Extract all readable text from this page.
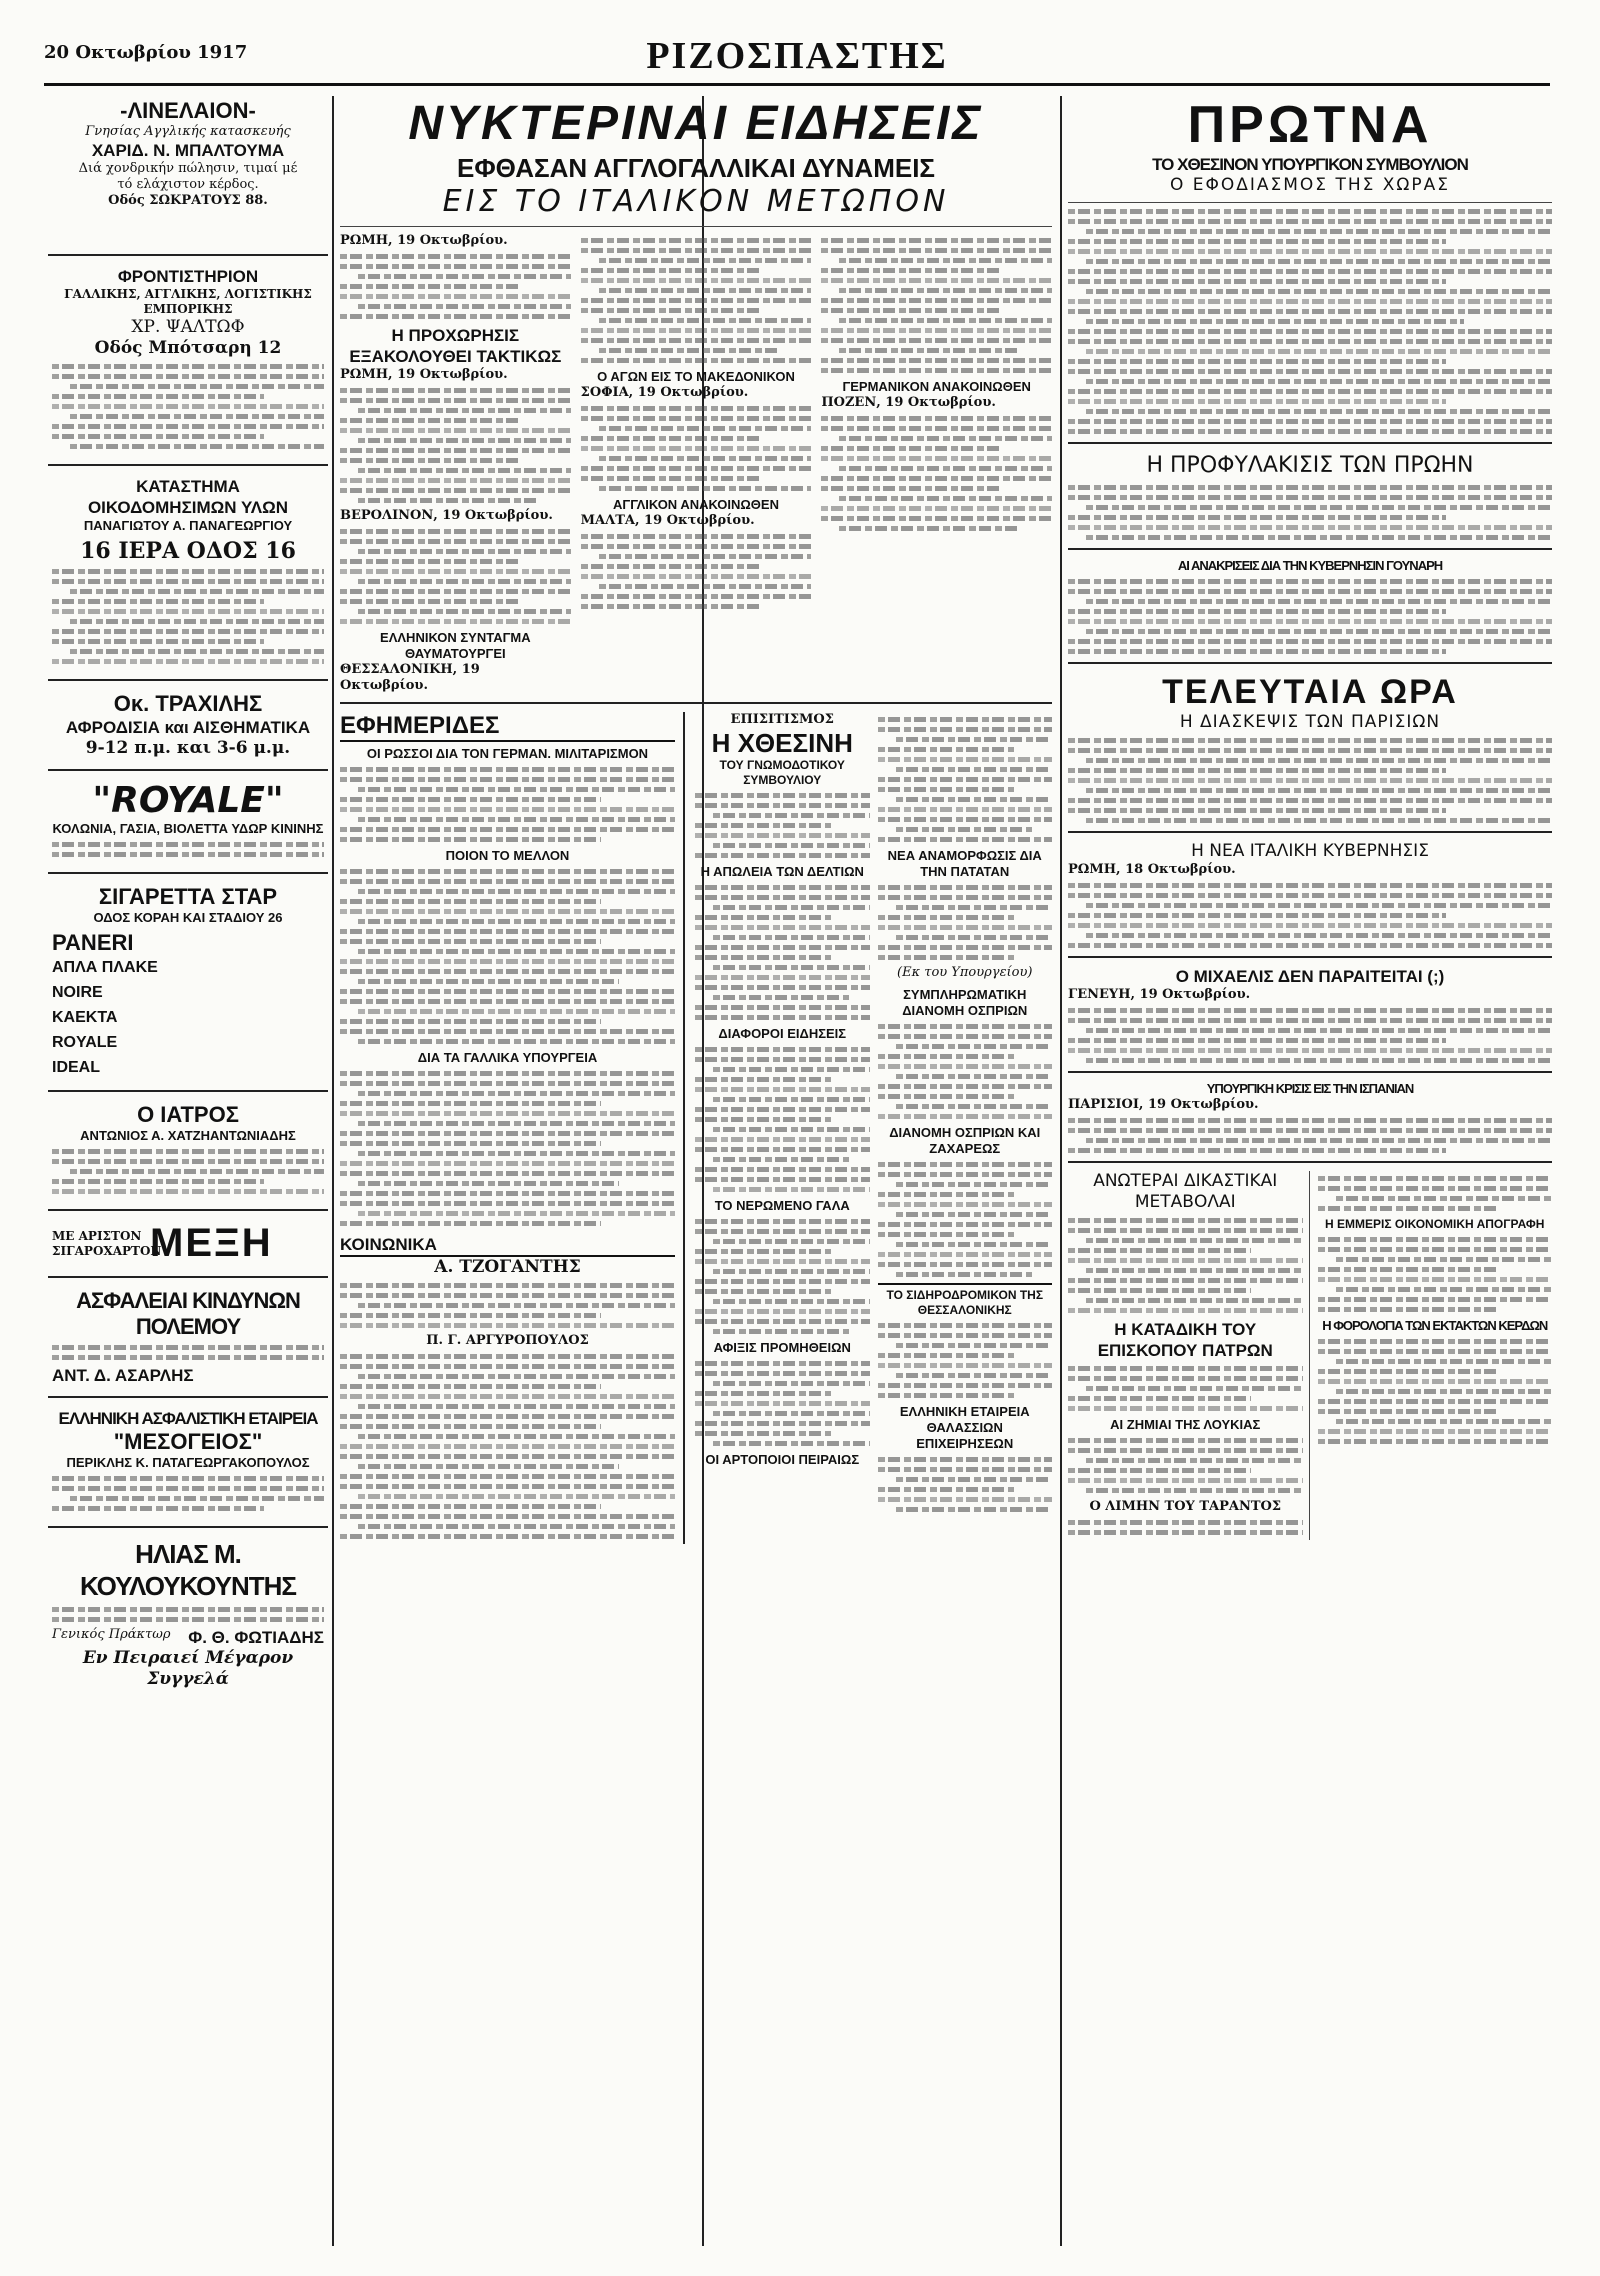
20 Οκτωβρίου 1917	ΡΙΖΟΣΠΑΣΤΗΣ
-ΛΙΝΕΛΑΙΟΝ-
Γνησίας Αγγλικής κατασκευής
ΧΑΡΙΔ. Ν. ΜΠΑΛΤΟΥΜΑ
Διά χονδρικήν πώλησιν, τιμαί μέ τό ελάχιστον κέρδος.
Οδός ΣΩΚΡΑΤΟΥΣ 88.
ΦΡΟΝΤΙΣΤΗΡΙΟΝ
ΓΑΛΛΙΚΗΣ, ΑΓΓΛΙΚΗΣ, ΛΟΓΙΣΤΙΚΗΣ ΕΜΠΟΡΙΚΗΣ
ΧΡ. ΨΑΛΤΩΦ
Οδός Μπότσαρη 12
ΚΑΤΑΣΤΗΜΑ
ΟΙΚΟΔΟΜΗΣΙΜΩΝ ΥΛΩΝ
ΠΑΝΑΓΙΩΤΟΥ Α. ΠΑΝΑΓΕΩΡΓΙΟΥ
16 ΙΕΡΑ ΟΔΟΣ 16
Οκ. ΤΡΑΧΙΛΗΣ
ΑΦΡΟΔΙΣΙΑ και ΑΙΣΘΗΜΑΤΙΚΑ
9-12 π.μ. και 3-6 μ.μ.
"ROYALE"
ΚΟΛΩΝΙΑ, ΓΑΣΙΑ, ΒΙΟΛΕΤΤΑ ΥΔΩΡ ΚΙΝΙΝΗΣ
ΣΙΓΑΡΕΤΤΑ ΣΤΑΡ
ΟΔΟΣ ΚΟΡΑΗ ΚΑΙ ΣΤΑΔΙΟΥ 26
PANERI
ΑΠΛΑ ΠΛΑΚΕ
NOIRE
ΚΑΕΚΤΑ
ROYALE
IDEAL
Ο ΙΑΤΡΟΣ
ΑΝΤΩΝΙΟΣ Α. ΧΑΤΖΗΑΝΤΩΝΙΑΔΗΣ
ΜΕ ΑΡΙΣΤΟΝ ΣΙΓΑΡΟΧΑΡΤΟΝ
ΜΕΞΗ
ΑΣΦΑΛΕΙΑΙ ΚΙΝΔΥΝΩΝ ΠΟΛΕΜΟΥ
ΑΝΤ. Δ. ΑΣΑΡΛΗΣ
ΕΛΛΗΝΙΚΗ ΑΣΦΑΛΙΣΤΙΚΗ ΕΤΑΙΡΕΙΑ
"ΜΕΣΟΓΕΙΟΣ"
ΠΕΡΙΚΛΗΣ Κ. ΠΑΤΑΓΕΩΡΓΑΚΟΠΟΥΛΟΣ
ΗΛΙΑΣ Μ. ΚΟΥΛΟΥΚΟΥΝΤΗΣ
Γενικός Πράκτωρ Φ. Θ. ΦΩΤΙΑΔΗΣ
Εν Πειραιεί Μέγαρον Συγγελά
ΝΥΚΤΕΡΙΝΑΙ ΕΙΔΗΣΕΙΣ
ΕΦΘΑΣΑΝ ΑΓΓΛΟΓΑΛΛΙΚΑΙ ΔΥΝΑΜΕΙΣ
ΕΙΣ ΤΟ ΙΤΑΛΙΚΟΝ ΜΕΤΩΠΟΝ
ΡΩΜΗ, 19 Οκτωβρίου.
Η ΠΡΟΧΩΡΗΣΙΣ ΕΞΑΚΟΛΟΥΘΕΙ ΤΑΚΤΙΚΩΣ
ΡΩΜΗ, 19 Οκτωβρίου.
ΒΕΡΟΛΙΝΟΝ, 19 Οκτωβρίου.
ΕΛΛΗΝΙΚΟΝ ΣΥΝΤΑΓΜΑ ΘΑΥΜΑΤΟΥΡΓΕΙ
ΘΕΣΣΑΛΟΝΙΚΗ, 19 Οκτωβρίου.
Ο ΑΓΩΝ ΕΙΣ ΤΟ ΜΑΚΕΔΟΝΙΚΟΝ
ΣΟΦΙΑ, 19 Οκτωβρίου.
ΑΓΓΛΙΚΟΝ ΑΝΑΚΟΙΝΩΘΕΝ
ΜΑΛΤΑ, 19 Οκτωβρίου.
ΓΕΡΜΑΝΙΚΟΝ ΑΝΑΚΟΙΝΩΘΕΝ
ΠΟΖΕΝ, 19 Οκτωβρίου.
ΕΦΗΜΕΡΙΔΕΣ
ΟΙ ΡΩΣΣΟΙ ΔΙΑ ΤΟΝ ΓΕΡΜΑΝ. ΜΙΛΙΤΑΡΙΣΜΟΝ
ΠΟΙΟΝ ΤΟ ΜΕΛΛΟΝ
ΔΙΑ ΤΑ ΓΑΛΛΙΚΑ ΥΠΟΥΡΓΕΙΑ
ΚΟΙΝΩΝΙΚΑ
Α. ΤΖΟΓΑΝΤΗΣ
Π. Γ. ΑΡΓΥΡΟΠΟΥΛΟΣ
ΕΠΙΣΙΤΙΣΜΟΣ
Η ΧΘΕΣΙΝΗ
ΤΟΥ ΓΝΩΜΟΔΟΤΙΚΟΥ ΣΥΜΒΟΥΛΙΟΥ
Η ΑΠΩΛΕΙΑ ΤΩΝ ΔΕΛΤΙΩΝ
ΔΙΑΦΟΡΟΙ ΕΙΔΗΣΕΙΣ
ΤΟ ΝΕΡΩΜΕΝΟ ΓΑΛΑ
ΑΦΙΞΙΣ ΠΡΟΜΗΘΕΙΩΝ
ΟΙ ΑΡΤΟΠΟΙΟΙ ΠΕΙΡΑΙΩΣ
ΝΕΑ ΑΝΑΜΟΡΦΩΣΙΣ ΔΙΑ ΤΗΝ ΠΑΤΑΤΑΝ
(Εκ του Υπουργείου)
ΣΥΜΠΛΗΡΩΜΑΤΙΚΗ ΔΙΑΝΟΜΗ ΟΣΠΡΙΩΝ
ΔΙΑΝΟΜΗ ΟΣΠΡΙΩΝ ΚΑΙ ΖΑΧΑΡΕΩΣ
ΤΟ ΣΙΔΗΡΟΔΡΟΜΙΚΟΝ ΤΗΣ ΘΕΣΣΑΛΟΝΙΚΗΣ
ΕΛΛΗΝΙΚΗ ΕΤΑΙΡΕΙΑ ΘΑΛΑΣΣΙΩΝ ΕΠΙΧΕΙΡΗΣΕΩΝ
ΠΡΩΤΝΑ
ΤΟ ΧΘΕΣΙΝΟΝ ΥΠΟΥΡΓΙΚΟΝ ΣΥΜΒΟΥΛΙΟΝ
Ο ΕΦΟΔΙΑΣΜΟΣ ΤΗΣ ΧΩΡΑΣ
Η ΠΡΟΦΥΛΑΚΙΣΙΣ ΤΩΝ ΠΡΩΗΝ
ΑΙ ΑΝΑΚΡΙΣΕΙΣ ΔΙΑ ΤΗΝ ΚΥΒΕΡΝΗΣΙΝ ΓΟΥΝΑΡΗ
ΤΕΛΕΥΤΑΙΑ ΩΡΑ
Η ΔΙΑΣΚΕΨΙΣ ΤΩΝ ΠΑΡΙΣΙΩΝ
Η ΝΕΑ ΙΤΑΛΙΚΗ ΚΥΒΕΡΝΗΣΙΣ
ΡΩΜΗ, 18 Οκτωβρίου.
Ο ΜΙΧΑΕΛΙΣ ΔΕΝ ΠΑΡΑΙΤΕΙΤΑΙ (;)
ΓΕΝΕΥΗ, 19 Οκτωβρίου.
ΥΠΟΥΡΓΙΚΗ ΚΡΙΣΙΣ ΕΙΣ ΤΗΝ ΙΣΠΑΝΙΑΝ
ΠΑΡΙΣΙΟΙ, 19 Οκτωβρίου.
ΑΝΩΤΕΡΑΙ ΔΙΚΑΣΤΙΚΑΙ ΜΕΤΑΒΟΛΑΙ
Η ΚΑΤΑΔΙΚΗ ΤΟΥ ΕΠΙΣΚΟΠΟΥ ΠΑΤΡΩΝ
ΑΙ ΖΗΜΙΑΙ ΤΗΣ ΛΟΥΚΙΑΣ
Ο ΛΙΜΗΝ ΤΟΥ ΤΑΡΑΝΤΟΣ
Η ΕΜΜΕΡΙΣ ΟΙΚΟΝΟΜΙΚΗ ΑΠΟΓΡΑΦΗ
Η ΦΟΡΟΛΟΓΙΑ ΤΩΝ ΕΚΤΑΚΤΩΝ ΚΕΡΔΩΝ
